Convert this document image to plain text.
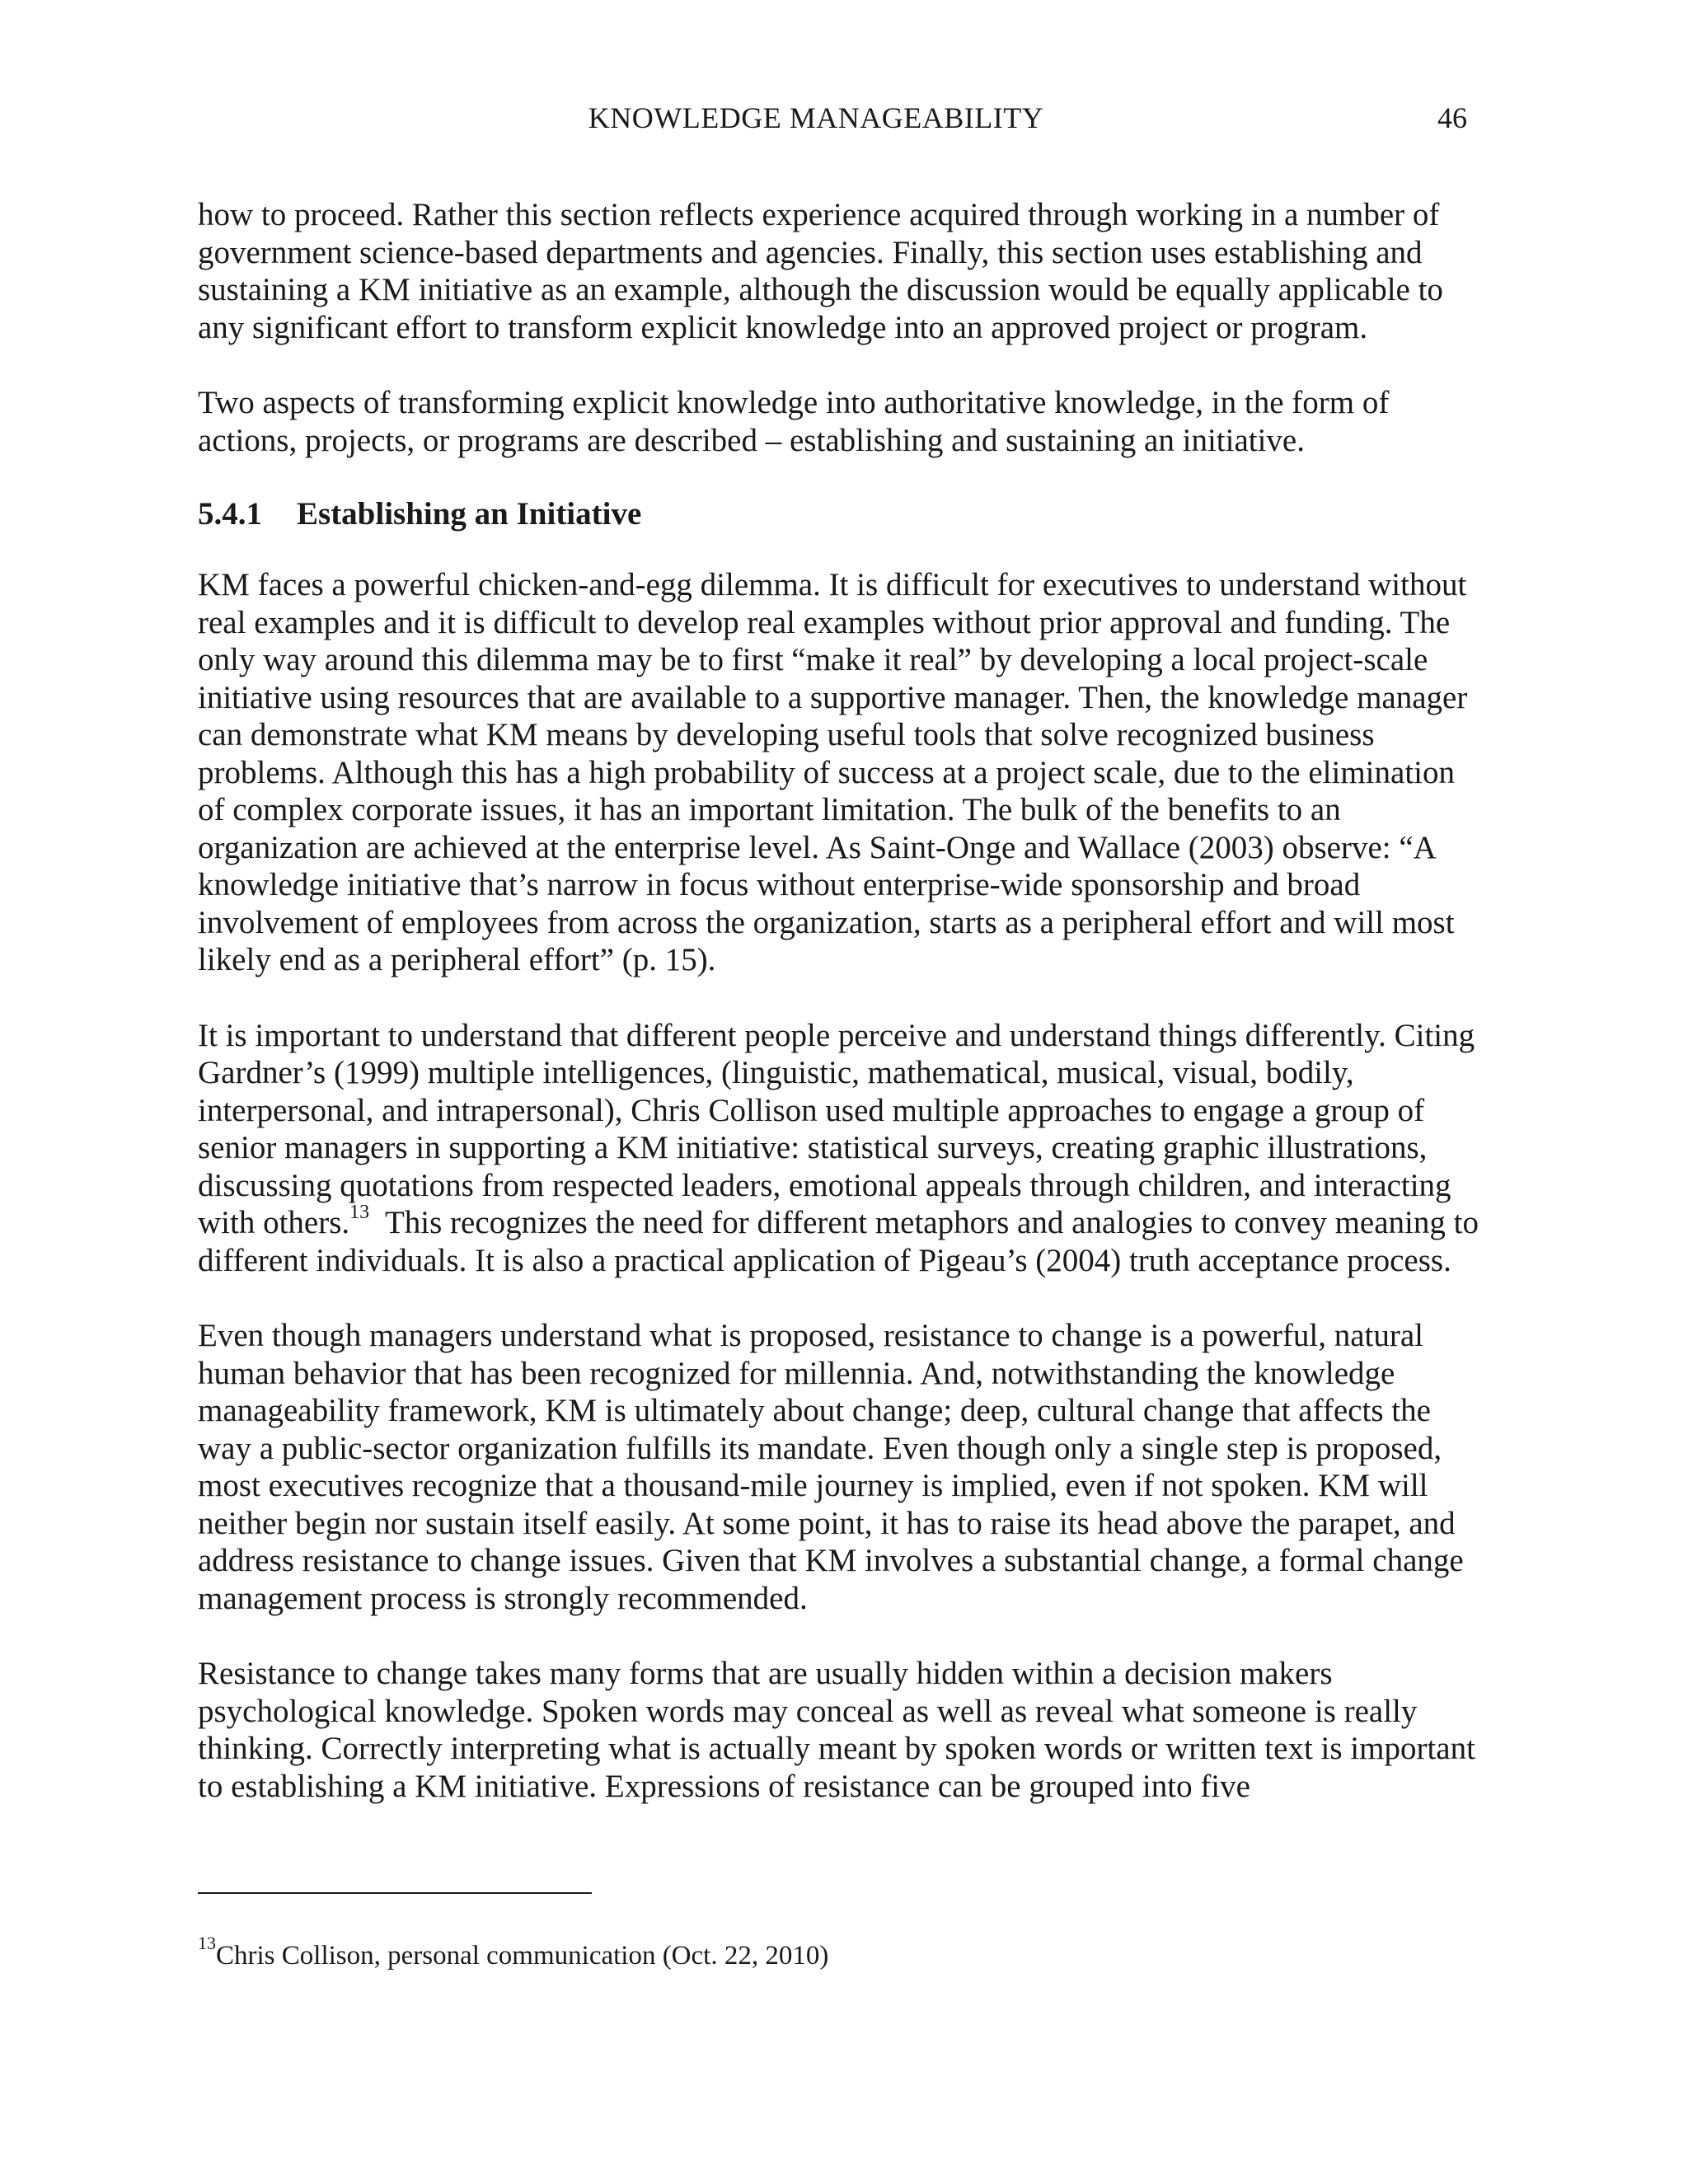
KNOWLEDGE MANAGEABILITY	46

how to proceed. Rather this section reflects experience acquired through working in a number of government science-based departments and agencies. Finally, this section uses establishing and sustaining a KM initiative as an example, although the discussion would be equally applicable to any significant effort to transform explicit knowledge into an approved project or program.

Two aspects of transforming explicit knowledge into authoritative knowledge, in the form of actions, projects, or programs are described – establishing and sustaining an initiative.

5.4.1 Establishing an Initiative

KM faces a powerful chicken-and-egg dilemma. It is difficult for executives to understand without real examples and it is difficult to develop real examples without prior approval and funding. The only way around this dilemma may be to first “make it real” by developing a local project-scale initiative using resources that are available to a supportive manager. Then, the knowledge manager can demonstrate what KM means by developing useful tools that solve recognized business problems. Although this has a high probability of success at a project scale, due to the elimination of complex corporate issues, it has an important limitation. The bulk of the benefits to an organization are achieved at the enterprise level. As Saint-Onge and Wallace (2003) observe: “A knowledge initiative that’s narrow in focus without enterprise-wide sponsorship and broad involvement of employees from across the organization, starts as a peripheral effort and will most likely end as a peripheral effort” (p. 15).

It is important to understand that different people perceive and understand things differently. Citing Gardner’s (1999) multiple intelligences, (linguistic, mathematical, musical, visual, bodily, interpersonal, and intrapersonal), Chris Collison used multiple approaches to engage a group of senior managers in supporting a KM initiative: statistical surveys, creating graphic illustrations, discussing quotations from respected leaders, emotional appeals through children, and interacting with others.$^{13}$  This recognizes the need for different metaphors and analogies to convey meaning to different individuals. It is also a practical application of Pigeau’s (2004) truth acceptance process.

Even though managers understand what is proposed, resistance to change is a powerful, natural human behavior that has been recognized for millennia. And, notwithstanding the knowledge manageability framework, KM is ultimately about change; deep, cultural change that affects the way a public-sector organization fulfills its mandate. Even though only a single step is proposed, most executives recognize that a thousand-mile journey is implied, even if not spoken. KM will neither begin nor sustain itself easily. At some point, it has to raise its head above the parapet, and address resistance to change issues. Given that KM involves a substantial change, a formal change management process is strongly recommended.

Resistance to change takes many forms that are usually hidden within a decision makers psychological knowledge. Spoken words may conceal as well as reveal what someone is really thinking. Correctly interpreting what is actually meant by spoken words or written text is important to establishing a KM initiative. Expressions of resistance can be grouped into five

$^{13}$Chris Collison, personal communication (Oct. 22, 2010)
